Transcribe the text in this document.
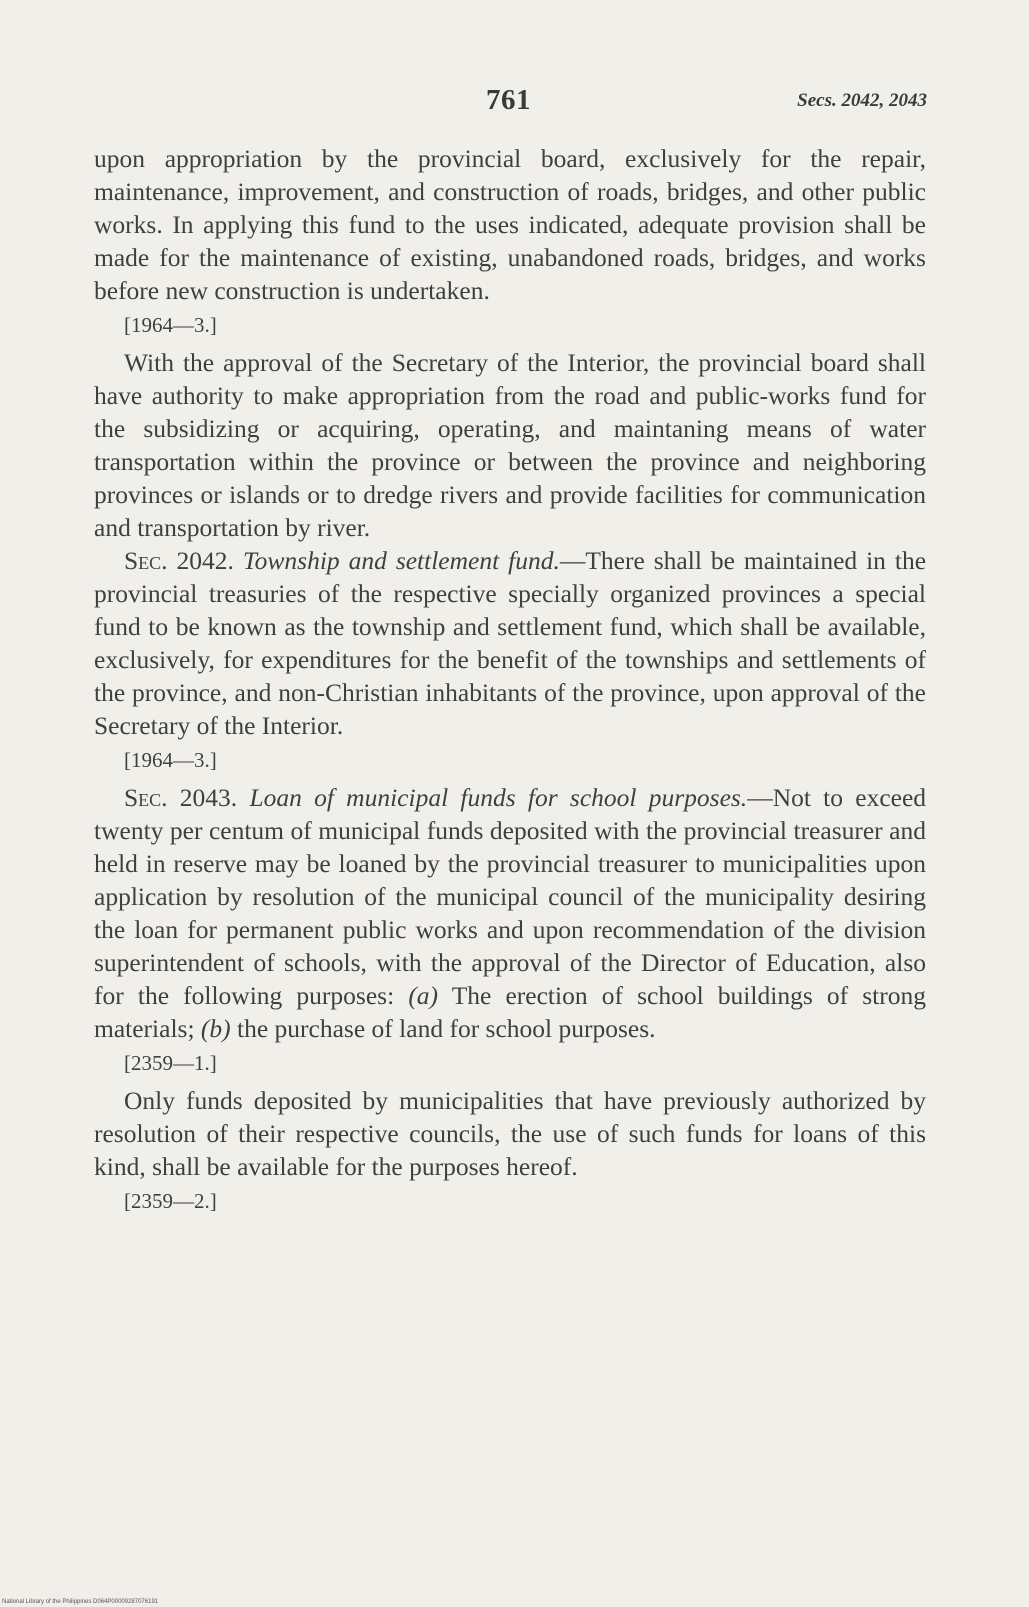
761	Secs. 2042, 2043

upon appropriation by the provincial board, exclusively for the repair, maintenance, improvement, and construction of roads, bridges, and other public works. In applying this fund to the uses indicated, adequate provision shall be made for the maintenance of existing, unabandoned roads, bridges, and works before new construction is undertaken.

[1964—3.]

With the approval of the Secretary of the Interior, the provincial board shall have authority to make appropriation from the road and public-works fund for the subsidizing or acquiring, operating, and maintaning means of water transportation within the province or between the province and neighboring provinces or islands or to dredge rivers and provide facilities for communication and transportation by river.

Sec. 2042. Township and settlement fund.—There shall be maintained in the provincial treasuries of the respective specially organized provinces a special fund to be known as the township and settlement fund, which shall be available, exclusively, for expenditures for the benefit of the townships and settlements of the province, and non-Christian inhabitants of the province, upon approval of the Secretary of the Interior.

[1964—3.]

Sec. 2043. Loan of municipal funds for school purposes.—Not to exceed twenty per centum of municipal funds deposited with the provincial treasurer and held in reserve may be loaned by the provincial treasurer to municipalities upon application by resolution of the municipal council of the municipality desiring the loan for permanent public works and upon recommendation of the division superintendent of schools, with the approval of the Director of Education, also for the following purposes: (a) The erection of school buildings of strong materials; (b) the purchase of land for school purposes.

[2359—1.]

Only funds deposited by municipalities that have previously authorized by resolution of their respective councils, the use of such funds for loans of this kind, shall be available for the purposes hereof.

[2359—2.]
National Library of the Philippines D064P00009287076191
